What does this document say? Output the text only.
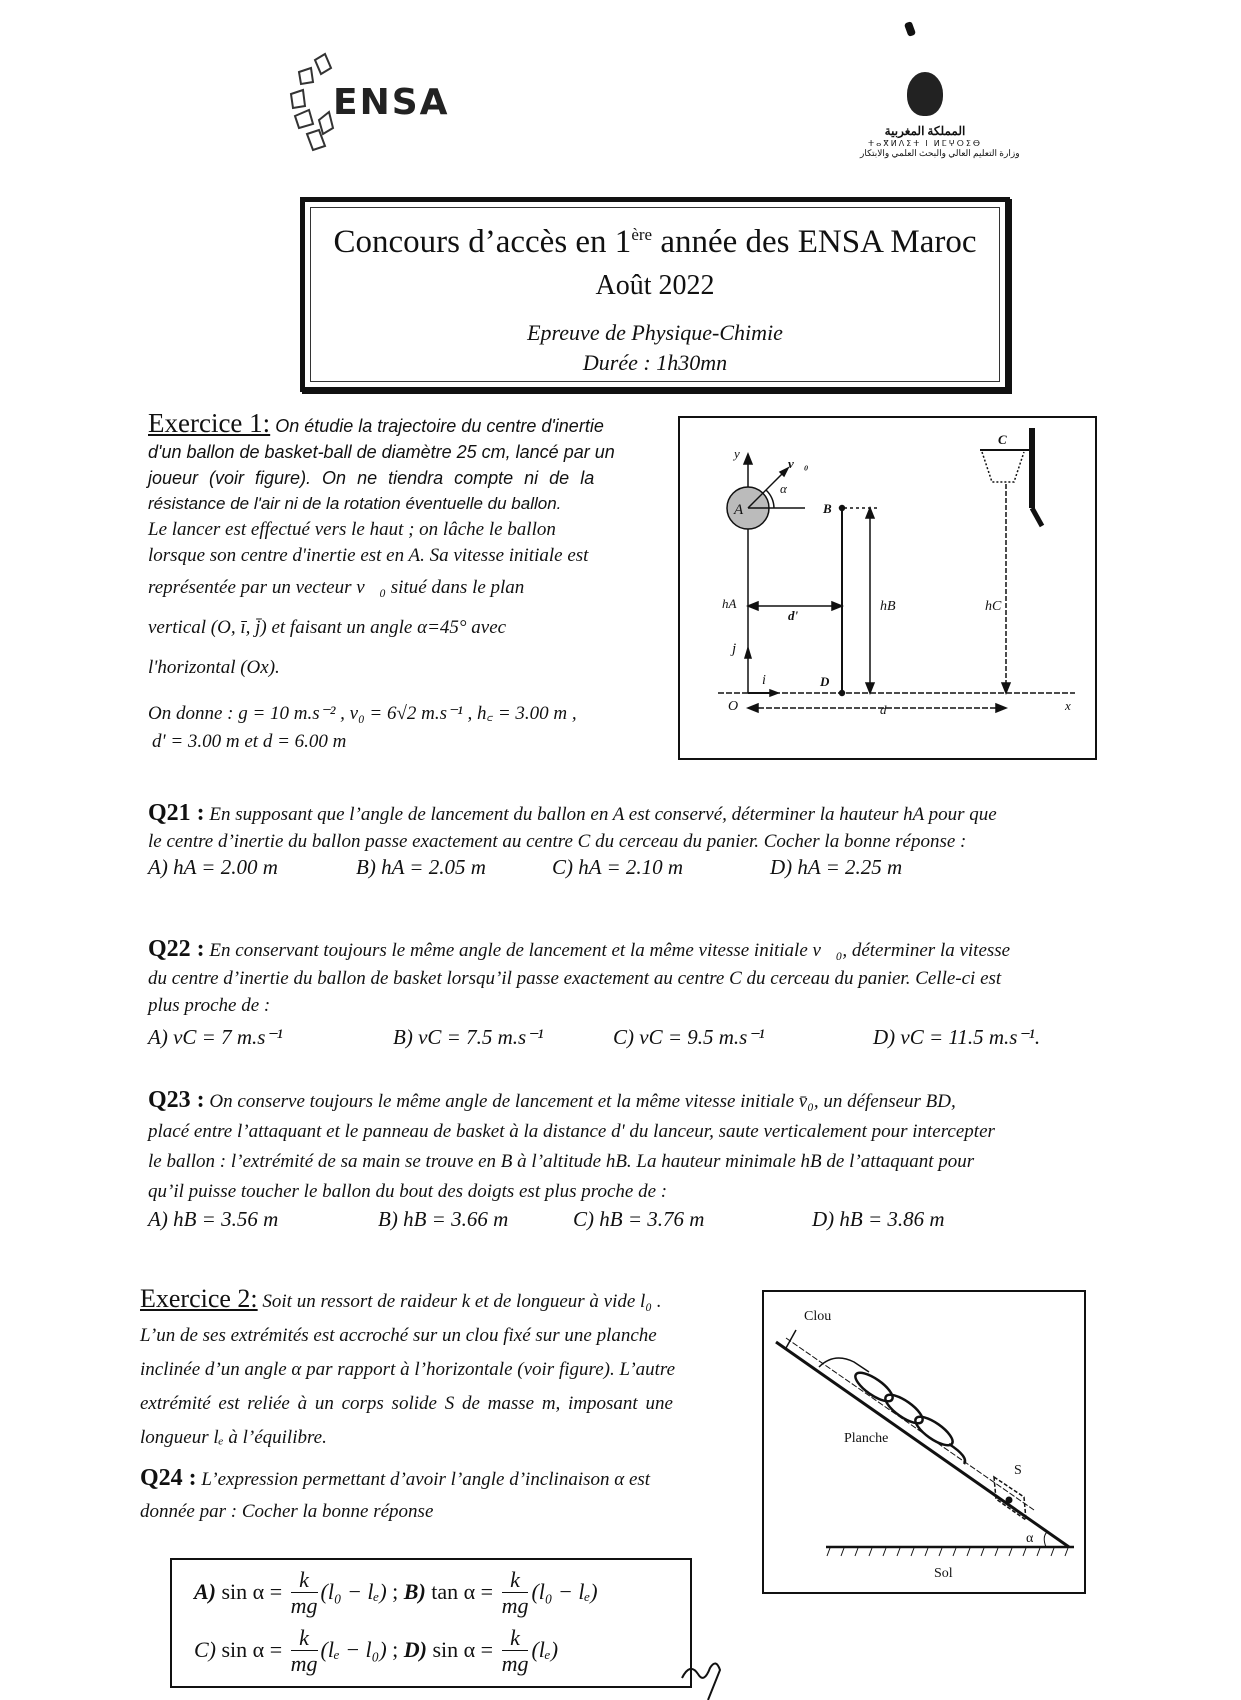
ENSA
المملكة المغربية
ⵜⴰⴳⵍⴷⵉⵜ ⵏ ⵍⵎⵖⵔⵉⴱ
وزارة التعليم العالي والبحث العلمي والابتكار
Concours d’accès en 1ère année des ENSA Maroc
Août 2022
Epreuve de Physique-Chimie
Durée : 1h30mn

Exercice 1: On étudie la trajectoire du centre d'inertie

d'un ballon de basket-ball de diamètre 25 cm, lancé par un

joueur (voir figure). On ne tiendra compte ni de la

résistance de l'air ni de la rotation éventuelle du ballon.

Le lancer est effectué vers le haut ; on lâche le ballon

lorsque son centre d'inertie est en A. Sa vitesse initiale est

représentée par un vecteur v⃗₀ situé dans le plan

vertical (O, ī, j̄) et faisant un angle α=45° avec

l'horizontal (Ox).

On donne : g = 10 m.s⁻² , v₀ = 6√2 m.s⁻¹ , h꜀ = 3.00 m ,

d' = 3.00 m et d = 6.00 m

y
v⃗₀
α
A	B
C
D
hA	hB	hC
d'
d
j⃗
i⃗
O	x
Q21 : En supposant que l’angle de lancement du ballon en A est conservé, déterminer la hauteur hA pour que
le centre d’inertie du ballon passe exactement au centre C du cerceau du panier. Cocher la bonne réponse :
A) hA = 2.00 m	B) hA = 2.05 m	C) hA = 2.10 m	D) hA = 2.25 m
Q22 : En conservant toujours le même angle de lancement et la même vitesse initiale v⃗₀, déterminer la vitesse
du centre d’inertie du ballon de basket lorsqu’il passe exactement au centre C du cerceau du panier. Celle-ci est
plus proche de :
A) vC = 7 m.s⁻¹	B) vC = 7.5 m.s⁻¹	C) vC = 9.5 m.s⁻¹	D) vC = 11.5 m.s⁻¹.
Q23 : On conserve toujours le même angle de lancement et la même vitesse initiale v̄₀, un défenseur BD,
placé entre l’attaquant et le panneau de basket à la distance d' du lanceur, saute verticalement pour intercepter
le ballon : l’extrémité de sa main se trouve en B à l’altitude hB. La hauteur minimale hB de l’attaquant pour
qu’il puisse toucher le ballon du bout des doigts est plus proche de :
A) hB = 3.56 m	B) hB = 3.66 m	C) hB = 3.76 m	D) hB = 3.86 m
Exercice 2: Soit un ressort de raideur k et de longueur à vide l₀ .
L’un de ses extrémités est accroché sur un clou fixé sur une planche
inclinée d’un angle α par rapport à l’horizontale (voir figure). L’autre
extrémité est reliée à un corps solide S de masse m, imposant une
longueur lₑ à l’équilibre.
Q24 : L’expression permettant d’avoir l’angle d’inclinaison α est
donnée par : Cocher la bonne réponse
Clou
Planche
S
α
Sol
A) $\sin \alpha = \frac{k}{mg} (l_0 - l_e)$ ; B) $\tan \alpha = \frac{k}{mg} (l_0 - l_e)$
C) $\sin \alpha = \frac{k}{mg} (l_e - l_0)$ ; D) $\sin \alpha = \frac{k}{mg} (l_e)$
